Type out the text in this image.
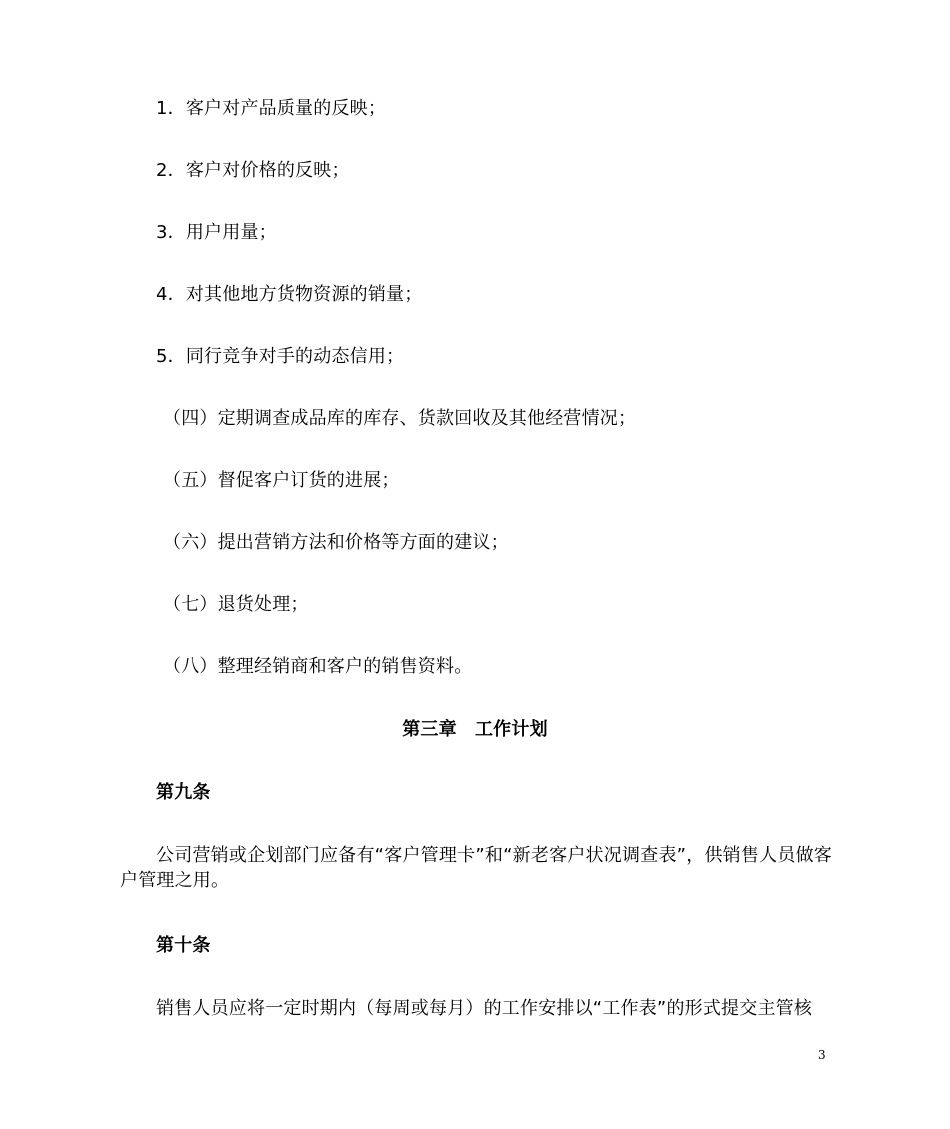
1．客户对产品质量的反映；
2．客户对价格的反映；
3．用户用量；
4．对其他地方货物资源的销量；
5．同行竞争对手的动态信用；
（四）定期调查成品库的库存、货款回收及其他经营情况；
（五）督促客户订货的进展；
（六）提出营销方法和价格等方面的建议；
（七）退货处理；
（八）整理经销商和客户的销售资料。
第三章　工作计划
第九条
公司营销或企划部门应备有“客户管理卡”和“新老客户状况调查表”，供销售人员做客户管理之用。
第十条
销售人员应将一定时期内（每周或每月）的工作安排以“工作表”的形式提交主管核
3
